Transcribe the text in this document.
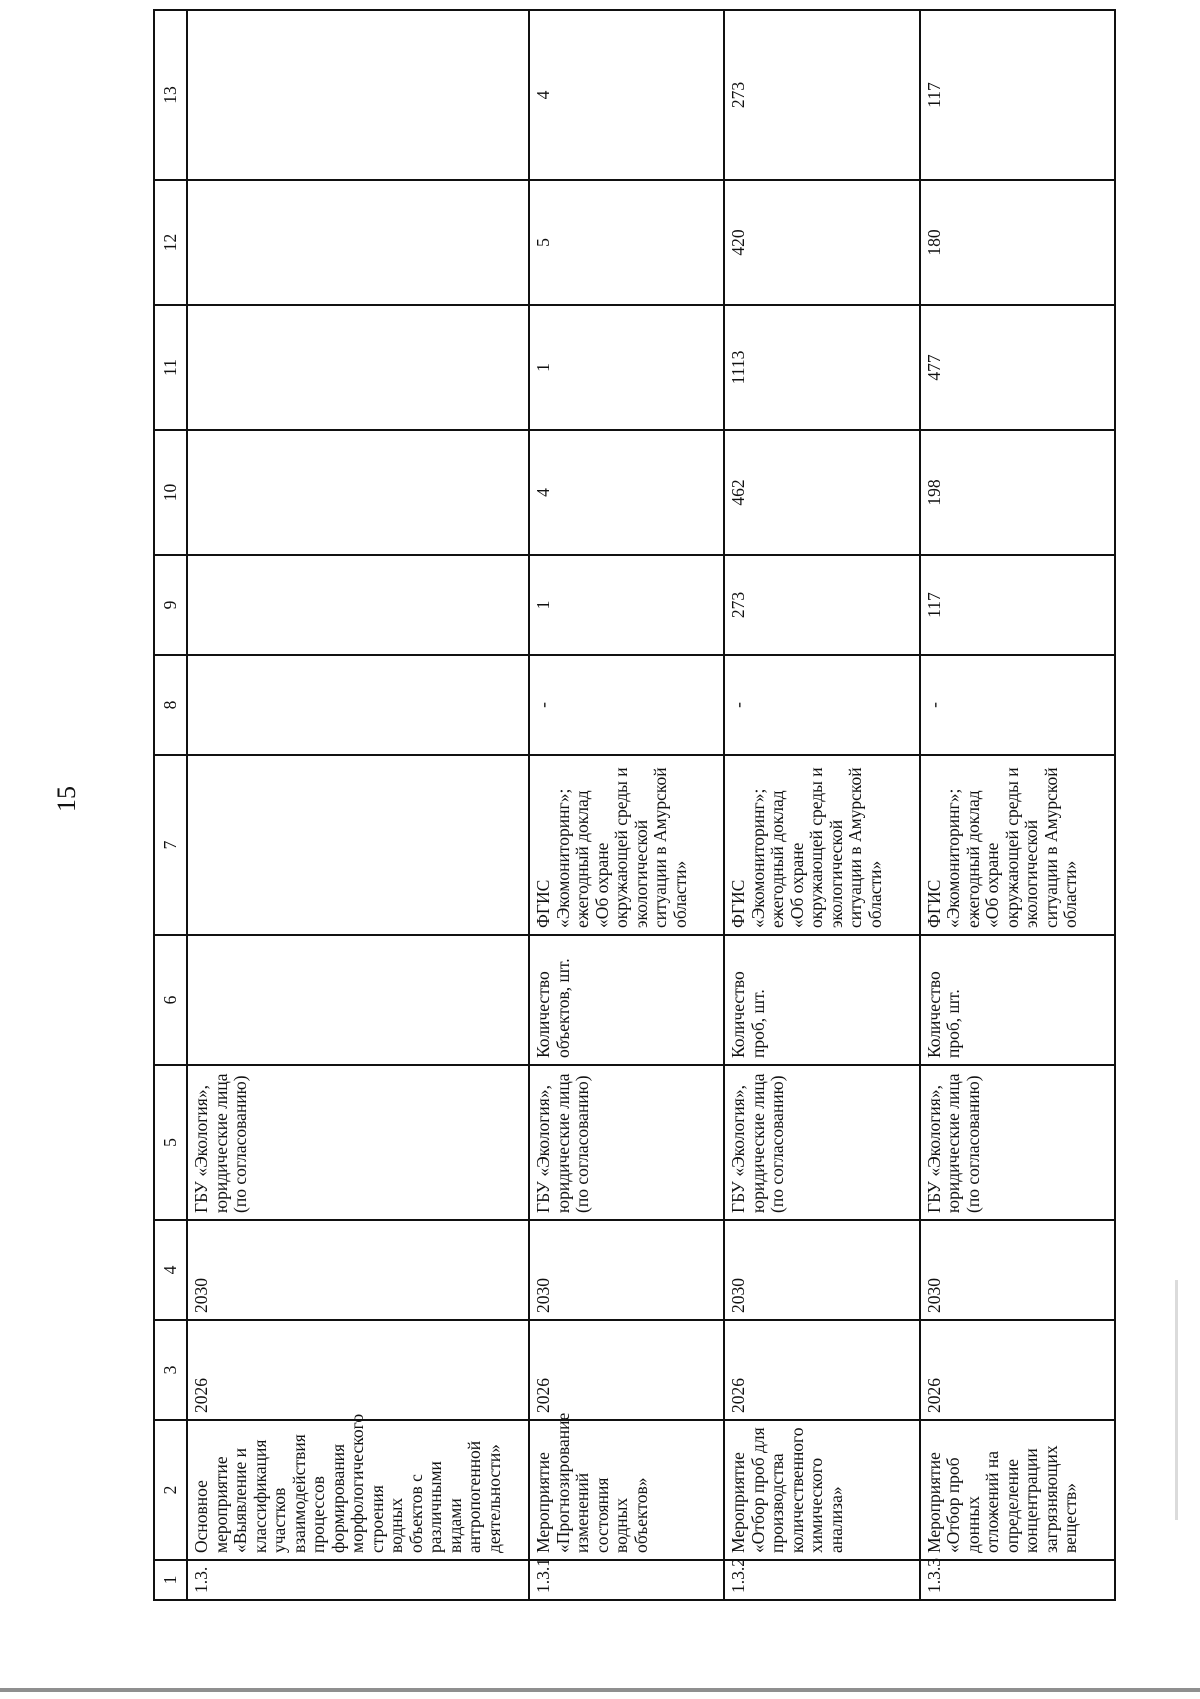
15
1	2	3	4	5	6	7	8	9	10	11	12	13
1.3.	Основное мероприятие «Выявление и классификация участков взаимодействия процессов формирования морфологического строения водных объектов с различными видами антропогенной деятельности»	2026	2030	ГБУ «Экология», юридические лица (по согласованию)								
1.3.1	Мероприятие «Прогнозирование изменений состояния водных объектов»	2026	2030	ГБУ «Экология», юридические лица (по согласованию)	Количество объектов, шт.	ФГИС «Экомониторинг»; ежегодный доклад «Об охране окружающей среды и экологической ситуации в Амурской области»	-	1	4	1	5	4
1.3.2	Мероприятие «Отбор проб для производства количественного химического анализа»	2026	2030	ГБУ «Экология», юридические лица (по согласованию)	Количество проб, шт.	ФГИС «Экомониторинг»; ежегодный доклад «Об охране окружающей среды и экологической ситуации в Амурской области»	-	273	462	1113	420	273
1.3.3	Мероприятие «Отбор проб донных отложений на определение концентрации загрязняющих веществ»	2026	2030	ГБУ «Экология», юридические лица (по согласованию)	Количество проб, шт.	ФГИС «Экомониторинг»; ежегодный доклад «Об охране окружающей среды и экологической ситуации в Амурской области»	-	117	198	477	180	117
